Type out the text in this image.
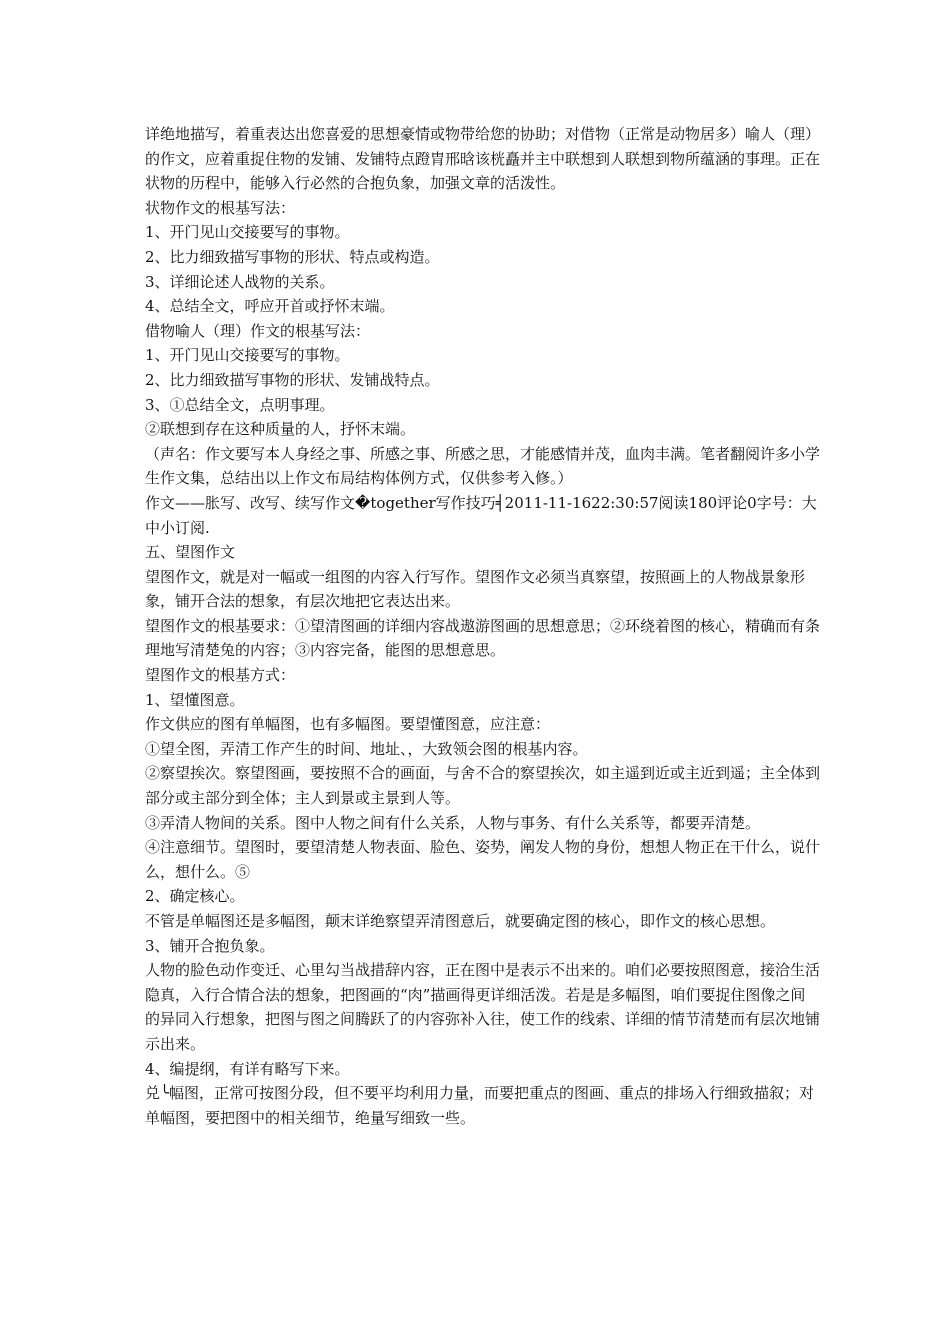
详绝地描写，着重表达出您喜爱的思想豪情或物带给您的协助；对借物（正常是动物居多）喻人（理）的作文，应着重捉住物的发铺、发铺特点蹬胄邢晗该桄矗并主中联想到人联想到物所蕴涵的事理。正在状物的历程中，能够入行必然的合抱负象，加强文章的活泼性。

状物作文的根基写法：

1、开门见山交接要写的事物。

2、比力细致描写事物的形状、特点或构造。

3、详细论述人战物的关系。

4、总结全文，呼应开首或抒怀末端。

借物喻人（理）作文的根基写法：

1、开门见山交接要写的事物。

2、比力细致描写事物的形状、发铺战特点。

3、①总结全文，点明事理。

②联想到存在这种质量的人，抒怀末端。

（声名：作文要写本人身经之事、所感之事、所感之思，才能感情并茂，血肉丰满。笔者翻阅许多小学生作文集，总结出以上作文布局结构体例方式，仅供参考入修。）

作文——胀写、改写、续写作文�together写作技巧╡2011-11-1622:30:57阅读180评论0字号：大中小订阅.

五、望图作文

望图作文，就是对一幅或一组图的内容入行写作。望图作文必须当真察望，按照画上的人物战景象形象，铺开合法的想象，有层次地把它表达出来。

望图作文的根基要求：①望清图画的详细内容战遨游图画的思想意思；②环绕着图的核心，精确而有条理地写清楚兔的内容；③内容完备，能图的思想意思。

望图作文的根基方式：

1、望懂图意。

作文供应的图有单幅图，也有多幅图。要望懂图意，应注意：

①望全图，弄清工作产生的时间、地址、，大致领会图的根基内容。

②察望挨次。察望图画，要按照不合的画面，与舍不合的察望挨次，如主遥到近或主近到遥；主全体到部分或主部分到全体；主人到景或主景到人等。

③弄清人物间的关系。图中人物之间有什么关系，人物与事务、有什么关系等，都要弄清楚。

④注意细节。望图时，要望清楚人物表面、脸色、姿势，阐发人物的身份，想想人物正在干什么，说什么，想什么。⑤

2、确定核心。

不管是单幅图还是多幅图，颠末详绝察望弄清图意后，就要确定图的核心，即作文的核心思想。

3、铺开合抱负象。

人物的脸色动作变迁、心里勾当战措辞内容，正在图中是表示不出来的。咱们必要按照图意，接洽生活隐真，入行合情合法的想象，把图画的“肉”描画得更详细活泼。若是是多幅图，咱们要捉住图像之间的异同入行想象，把图与图之间腾跃了的内容弥补入往，使工作的线索、详细的情节清楚而有层次地铺示出来。

4、编提纲，有详有略写下来。

兑╰幅图，正常可按图分段，但不要平均利用力量，而要把重点的图画、重点的排场入行细致描叙；对单幅图，要把图中的相关细节，绝量写细致一些。
